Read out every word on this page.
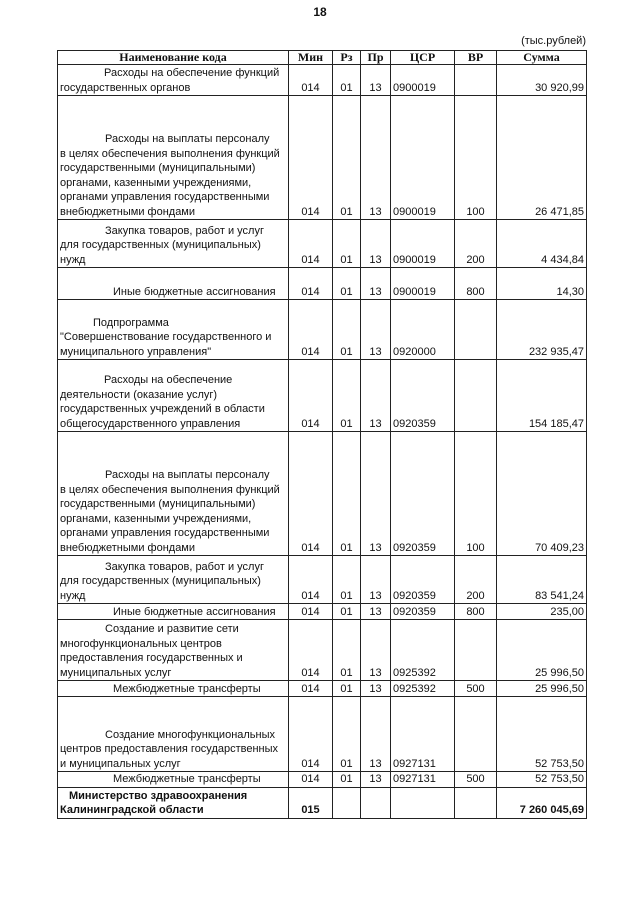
18
(тыс.рублей)
Наименование кода	Мин	Рз	Пр	ЦСР	ВР	Сумма
Расходы на обеспечение функций
государственных органов	014	01	13	0900019		30 920,99
Расходы на выплаты персоналу
в целях обеспечения выполнения функций государственными (муниципальными) органами, казенными учреждениями, органами управления государственными внебюджетными фондами	014	01	13	0900019	100	26 471,85
Закупка товаров, работ и услуг
для государственных (муниципальных) нужд	014	01	13	0900019	200	4 434,84
Иные бюджетные ассигнования	014	01	13	0900019	800	14,30
Подпрограмма
"Совершенствование государственного и муниципального управления"	014	01	13	0920000		232 935,47
Расходы на обеспечение
деятельности (оказание услуг) государственных учреждений в области общегосударственного управления	014	01	13	0920359		154 185,47
Расходы на выплаты персоналу
в целях обеспечения выполнения функций государственными (муниципальными) органами, казенными учреждениями, органами управления государственными внебюджетными фондами	014	01	13	0920359	100	70 409,23
Закупка товаров, работ и услуг
для государственных (муниципальных) нужд	014	01	13	0920359	200	83 541,24
Иные бюджетные ассигнования	014	01	13	0920359	800	235,00
Создание и развитие сети
многофункциональных центров предоставления государственных и муниципальных услуг	014	01	13	0925392		25 996,50
Межбюджетные трансферты	014	01	13	0925392	500	25 996,50
Создание многофункциональных
центров предоставления государственных и муниципальных услуг	014	01	13	0927131		52 753,50
Межбюджетные трансферты	014	01	13	0927131	500	52 753,50
Министерство здравоохранения
Калининградской области	015					7 260 045,69
